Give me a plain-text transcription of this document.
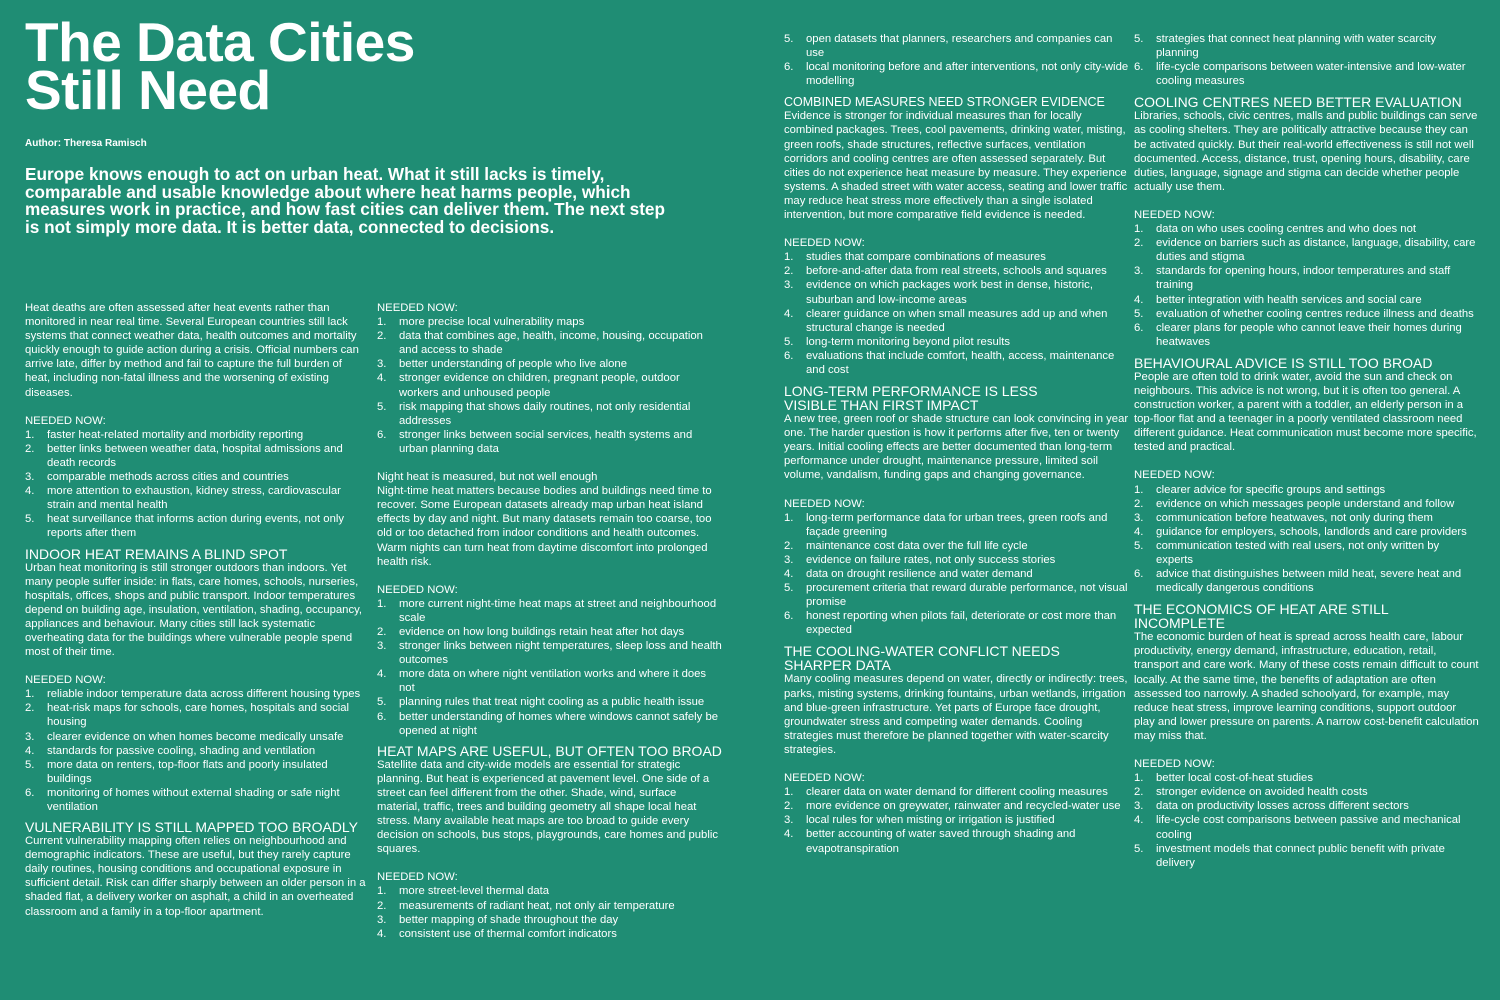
The Data Cities
Still Need
Author: Theresa Ramisch

Europe knows enough to act on urban heat. What it still lacks is timely, comparable and usable knowledge about where heat harms people, which measures work in practice, and how fast cities can deliver them. The next step is not simply more data. It is better data, connected to decisions.

Heat deaths are often assessed after heat events rather than monitored in near real time. Several European countries still lack systems that connect weather data, health outcomes and mortality quickly enough to guide action during a crisis. Official numbers can arrive late, differ by method and fail to capture the full burden of heat, including non-fatal illness and the worsening of existing diseases.
NEEDED NOW:
1. faster heat-related mortality and morbidity reporting
2. better links between weather data, hospital admissions and death records
3. comparable methods across cities and countries
4. more attention to exhaustion, kidney stress, cardiovascular strain and mental health
5. heat surveillance that informs action during events, not only reports after them
INDOOR HEAT REMAINS A BLIND SPOT
Urban heat monitoring is still stronger outdoors than indoors. Yet many people suffer inside: in flats, care homes, schools, nurseries, hospitals, offices, shops and public transport. Indoor temperatures depend on building age, insulation, ventilation, shading, occupancy, appliances and behaviour. Many cities still lack systematic overheating data for the buildings where vulnerable people spend most of their time.
NEEDED NOW:
1. reliable indoor temperature data across different housing types
2. heat-risk maps for schools, care homes, hospitals and social housing
3. clearer evidence on when homes become medically unsafe
4. standards for passive cooling, shading and ventilation
5. more data on renters, top-floor flats and poorly insulated buildings
6. monitoring of homes without external shading or safe night ventilation
VULNERABILITY IS STILL MAPPED TOO BROADLY
Current vulnerability mapping often relies on neighbourhood and demographic indicators. These are useful, but they rarely capture daily routines, housing conditions and occupational exposure in sufficient detail. Risk can differ sharply between an older person in a shaded flat, a delivery worker on asphalt, a child in an overheated classroom and a family in a top-floor apartment.
NEEDED NOW:
1. more precise local vulnerability maps
2. data that combines age, health, income, housing, occupation and access to shade
3. better understanding of people who live alone
4. stronger evidence on children, pregnant people, outdoor workers and unhoused people
5. risk mapping that shows daily routines, not only residential addresses
6. stronger links between social services, health systems and urban planning data
Night heat is measured, but not well enough
Night-time heat matters because bodies and buildings need time to recover. Some European datasets already map urban heat island effects by day and night. But many datasets remain too coarse, too old or too detached from indoor conditions and health outcomes. Warm nights can turn heat from daytime discomfort into prolonged health risk.
NEEDED NOW:
1. more current night-time heat maps at street and neighbourhood scale
2. evidence on how long buildings retain heat after hot days
3. stronger links between night temperatures, sleep loss and health outcomes
4. more data on where night ventilation works and where it does not
5. planning rules that treat night cooling as a public health issue
6. better understanding of homes where windows cannot safely be opened at night
HEAT MAPS ARE USEFUL, BUT OFTEN TOO BROAD
Satellite data and city-wide models are essential for strategic planning. But heat is experienced at pavement level. One side of a street can feel different from the other. Shade, wind, surface material, traffic, trees and building geometry all shape local heat stress. Many available heat maps are too broad to guide every decision on schools, bus stops, playgrounds, care homes and public squares.
NEEDED NOW:
1. more street-level thermal data
2. measurements of radiant heat, not only air temperature
3. better mapping of shade throughout the day
4. consistent use of thermal comfort indicators
5. open datasets that planners, researchers and companies can use
6. local monitoring before and after interventions, not only city-wide modelling
COMBINED MEASURES NEED STRONGER EVIDENCE
Evidence is stronger for individual measures than for locally combined packages. Trees, cool pavements, drinking water, misting, green roofs, shade structures, reflective surfaces, ventilation corridors and cooling centres are often assessed separately. But cities do not experience heat measure by measure. They experience systems. A shaded street with water access, seating and lower traffic may reduce heat stress more effectively than a single isolated intervention, but more comparative field evidence is needed.
NEEDED NOW:
1. studies that compare combinations of measures
2. before-and-after data from real streets, schools and squares
3. evidence on which packages work best in dense, historic, suburban and low-income areas
4. clearer guidance on when small measures add up and when structural change is needed
5. long-term monitoring beyond pilot results
6. evaluations that include comfort, health, access, maintenance and cost
LONG-TERM PERFORMANCE IS LESS VISIBLE THAN FIRST IMPACT
A new tree, green roof or shade structure can look convincing in year one. The harder question is how it performs after five, ten or twenty years. Initial cooling effects are better documented than long-term performance under drought, maintenance pressure, limited soil volume, vandalism, funding gaps and changing governance.
NEEDED NOW:
1. long-term performance data for urban trees, green roofs and façade greening
2. maintenance cost data over the full life cycle
3. evidence on failure rates, not only success stories
4. data on drought resilience and water demand
5. procurement criteria that reward durable performance, not visual promise
6. honest reporting when pilots fail, deteriorate or cost more than expected
THE COOLING-WATER CONFLICT NEEDS SHARPER DATA
Many cooling measures depend on water, directly or indirectly: trees, parks, misting systems, drinking fountains, urban wetlands, irrigation and blue-green infrastructure. Yet parts of Europe face drought, groundwater stress and competing water demands. Cooling strategies must therefore be planned together with water-scarcity strategies.
NEEDED NOW:
1. clearer data on water demand for different cooling measures
2. more evidence on greywater, rainwater and recycled-water use
3. local rules for when misting or irrigation is justified
4. better accounting of water saved through shading and evapotranspiration
5. strategies that connect heat planning with water scarcity planning
6. life-cycle comparisons between water-intensive and low-water cooling measures
COOLING CENTRES NEED BETTER EVALUATION
Libraries, schools, civic centres, malls and public buildings can serve as cooling shelters. They are politically attractive because they can be activated quickly. But their real-world effectiveness is still not well documented. Access, distance, trust, opening hours, disability, care duties, language, signage and stigma can decide whether people actually use them.
NEEDED NOW:
1. data on who uses cooling centres and who does not
2. evidence on barriers such as distance, language, disability, care duties and stigma
3. standards for opening hours, indoor temperatures and staff training
4. better integration with health services and social care
5. evaluation of whether cooling centres reduce illness and deaths
6. clearer plans for people who cannot leave their homes during heatwaves
BEHAVIOURAL ADVICE IS STILL TOO BROAD
People are often told to drink water, avoid the sun and check on neighbours. This advice is not wrong, but it is often too general. A construction worker, a parent with a toddler, an elderly person in a top-floor flat and a teenager in a poorly ventilated classroom need different guidance. Heat communication must become more specific, tested and practical.
NEEDED NOW:
1. clearer advice for specific groups and settings
2. evidence on which messages people understand and follow
3. communication before heatwaves, not only during them
4. guidance for employers, schools, landlords and care providers
5. communication tested with real users, not only written by experts
6. advice that distinguishes between mild heat, severe heat and medically dangerous conditions
THE ECONOMICS OF HEAT ARE STILL INCOMPLETE
The economic burden of heat is spread across health care, labour productivity, energy demand, infrastructure, education, retail, transport and care work. Many of these costs remain difficult to count locally. At the same time, the benefits of adaptation are often assessed too narrowly. A shaded schoolyard, for example, may reduce heat stress, improve learning conditions, support outdoor play and lower pressure on parents. A narrow cost-benefit calculation may miss that.
NEEDED NOW:
1. better local cost-of-heat studies
2. stronger evidence on avoided health costs
3. data on productivity losses across different sectors
4. life-cycle cost comparisons between passive and mechanical cooling
5. investment models that connect public benefit with private delivery
